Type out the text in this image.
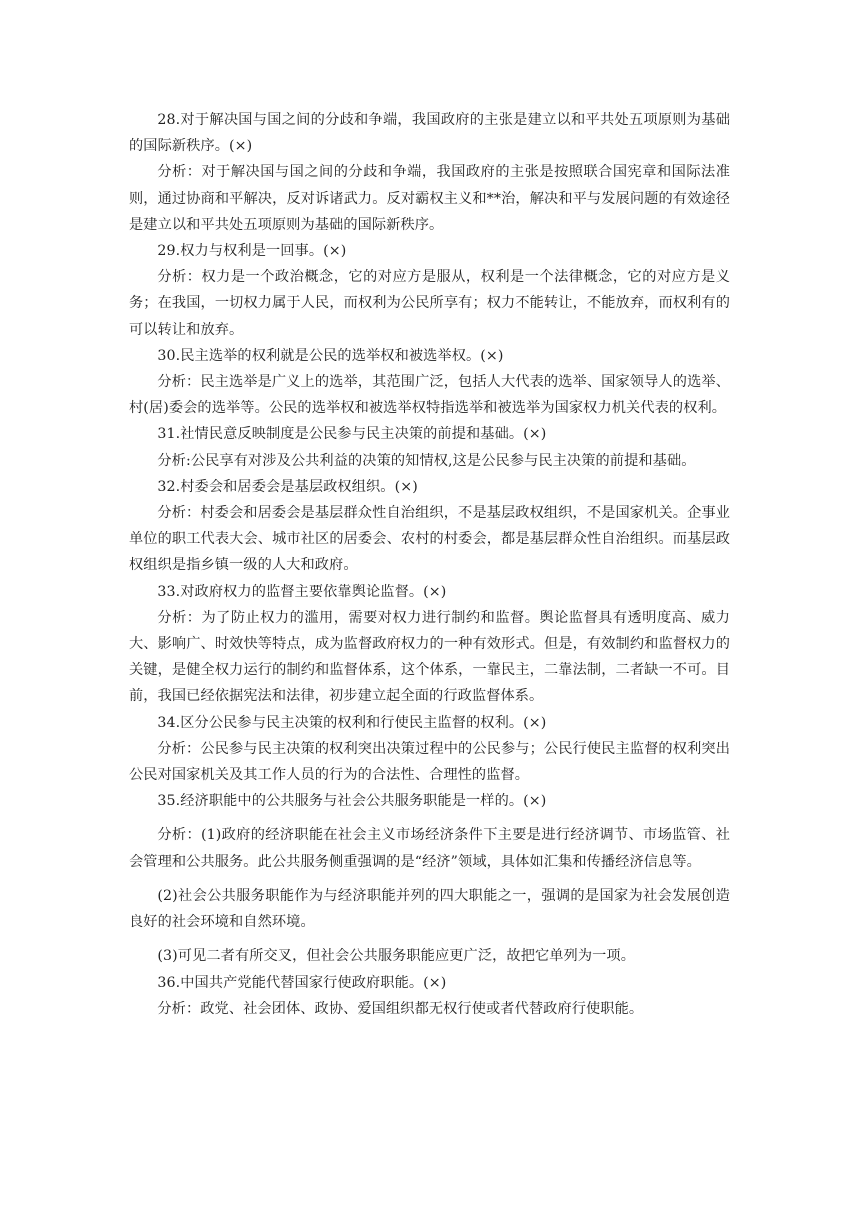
28.对于解决国与国之间的分歧和争端，我国政府的主张是建立以和平共处五项原则为基础的国际新秩序。(×)

分析：对于解决国与国之间的分歧和争端，我国政府的主张是按照联合国宪章和国际法准则，通过协商和平解决，反对诉诸武力。反对霸权主义和**治，解决和平与发展问题的有效途径是建立以和平共处五项原则为基础的国际新秩序。

29.权力与权利是一回事。(×)

分析：权力是一个政治概念，它的对应方是服从，权利是一个法律概念，它的对应方是义务；在我国，一切权力属于人民，而权利为公民所享有；权力不能转让，不能放弃，而权利有的可以转让和放弃。

30.民主选举的权利就是公民的选举权和被选举权。(×)

分析：民主选举是广义上的选举，其范围广泛，包括人大代表的选举、国家领导人的选举、村(居)委会的选举等。公民的选举权和被选举权特指选举和被选举为国家权力机关代表的权利。

31.社情民意反映制度是公民参与民主决策的前提和基础。(×)

分析:公民享有对涉及公共利益的决策的知情权,这是公民参与民主决策的前提和基础。

32.村委会和居委会是基层政权组织。(×)

分析：村委会和居委会是基层群众性自治组织，不是基层政权组织，不是国家机关。企事业单位的职工代表大会、城市社区的居委会、农村的村委会，都是基层群众性自治组织。而基层政权组织是指乡镇一级的人大和政府。

33.对政府权力的监督主要依靠舆论监督。(×)

分析：为了防止权力的滥用，需要对权力进行制约和监督。舆论监督具有透明度高、威力大、影响广、时效快等特点，成为监督政府权力的一种有效形式。但是，有效制约和监督权力的关键，是健全权力运行的制约和监督体系，这个体系，一靠民主，二靠法制，二者缺一不可。目前，我国已经依据宪法和法律，初步建立起全面的行政监督体系。

34.区分公民参与民主决策的权利和行使民主监督的权利。(×)

分析：公民参与民主决策的权利突出决策过程中的公民参与；公民行使民主监督的权利突出公民对国家机关及其工作人员的行为的合法性、合理性的监督。

35.经济职能中的公共服务与社会公共服务职能是一样的。(×)

分析：(1)政府的经济职能在社会主义市场经济条件下主要是进行经济调节、市场监管、社会管理和公共服务。此公共服务侧重强调的是“经济”领域，具体如汇集和传播经济信息等。

(2)社会公共服务职能作为与经济职能并列的四大职能之一，强调的是国家为社会发展创造良好的社会环境和自然环境。

(3)可见二者有所交叉，但社会公共服务职能应更广泛，故把它单列为一项。

36.中国共产党能代替国家行使政府职能。(×)

分析：政党、社会团体、政协、爱国组织都无权行使或者代替政府行使职能。
